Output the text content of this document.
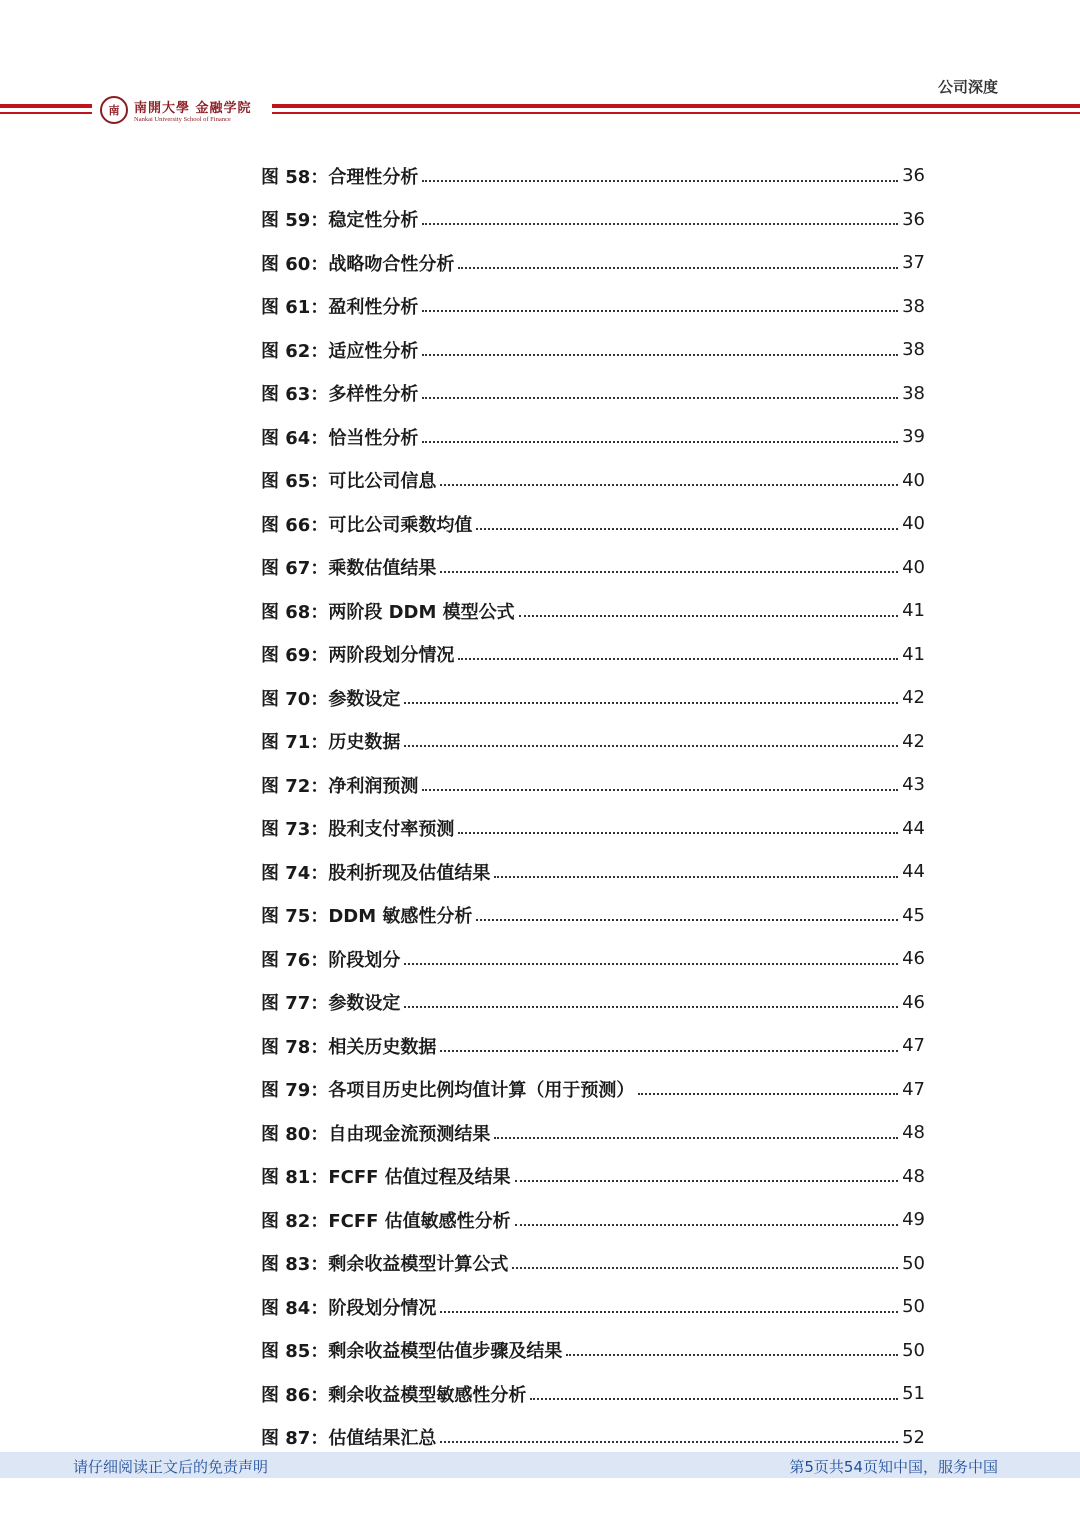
公司深度
南	南開大學 金融学院
Nankai University School of Finance
图 58：合理性分析	36
图 59：稳定性分析	36
图 60：战略吻合性分析	37
图 61：盈利性分析	38
图 62：适应性分析	38
图 63：多样性分析	38
图 64：恰当性分析	39
图 65：可比公司信息	40
图 66：可比公司乘数均值	40
图 67：乘数估值结果	40
图 68：两阶段 DDM 模型公式	41
图 69：两阶段划分情况	41
图 70：参数设定	42
图 71：历史数据	42
图 72：净利润预测	43
图 73：股利支付率预测	44
图 74：股利折现及估值结果	44
图 75：DDM 敏感性分析	45
图 76：阶段划分	46
图 77：参数设定	46
图 78：相关历史数据	47
图 79：各项目历史比例均值计算（用于预测）	47
图 80：自由现金流预测结果	48
图 81：FCFF 估值过程及结果	48
图 82：FCFF 估值敏感性分析	49
图 83：剩余收益模型计算公式	50
图 84：阶段划分情况	50
图 85：剩余收益模型估值步骤及结果	50
图 86：剩余收益模型敏感性分析	51
图 87：估值结果汇总	52
请仔细阅读正文后的免责声明	第5页共54页知中国，服务中国
